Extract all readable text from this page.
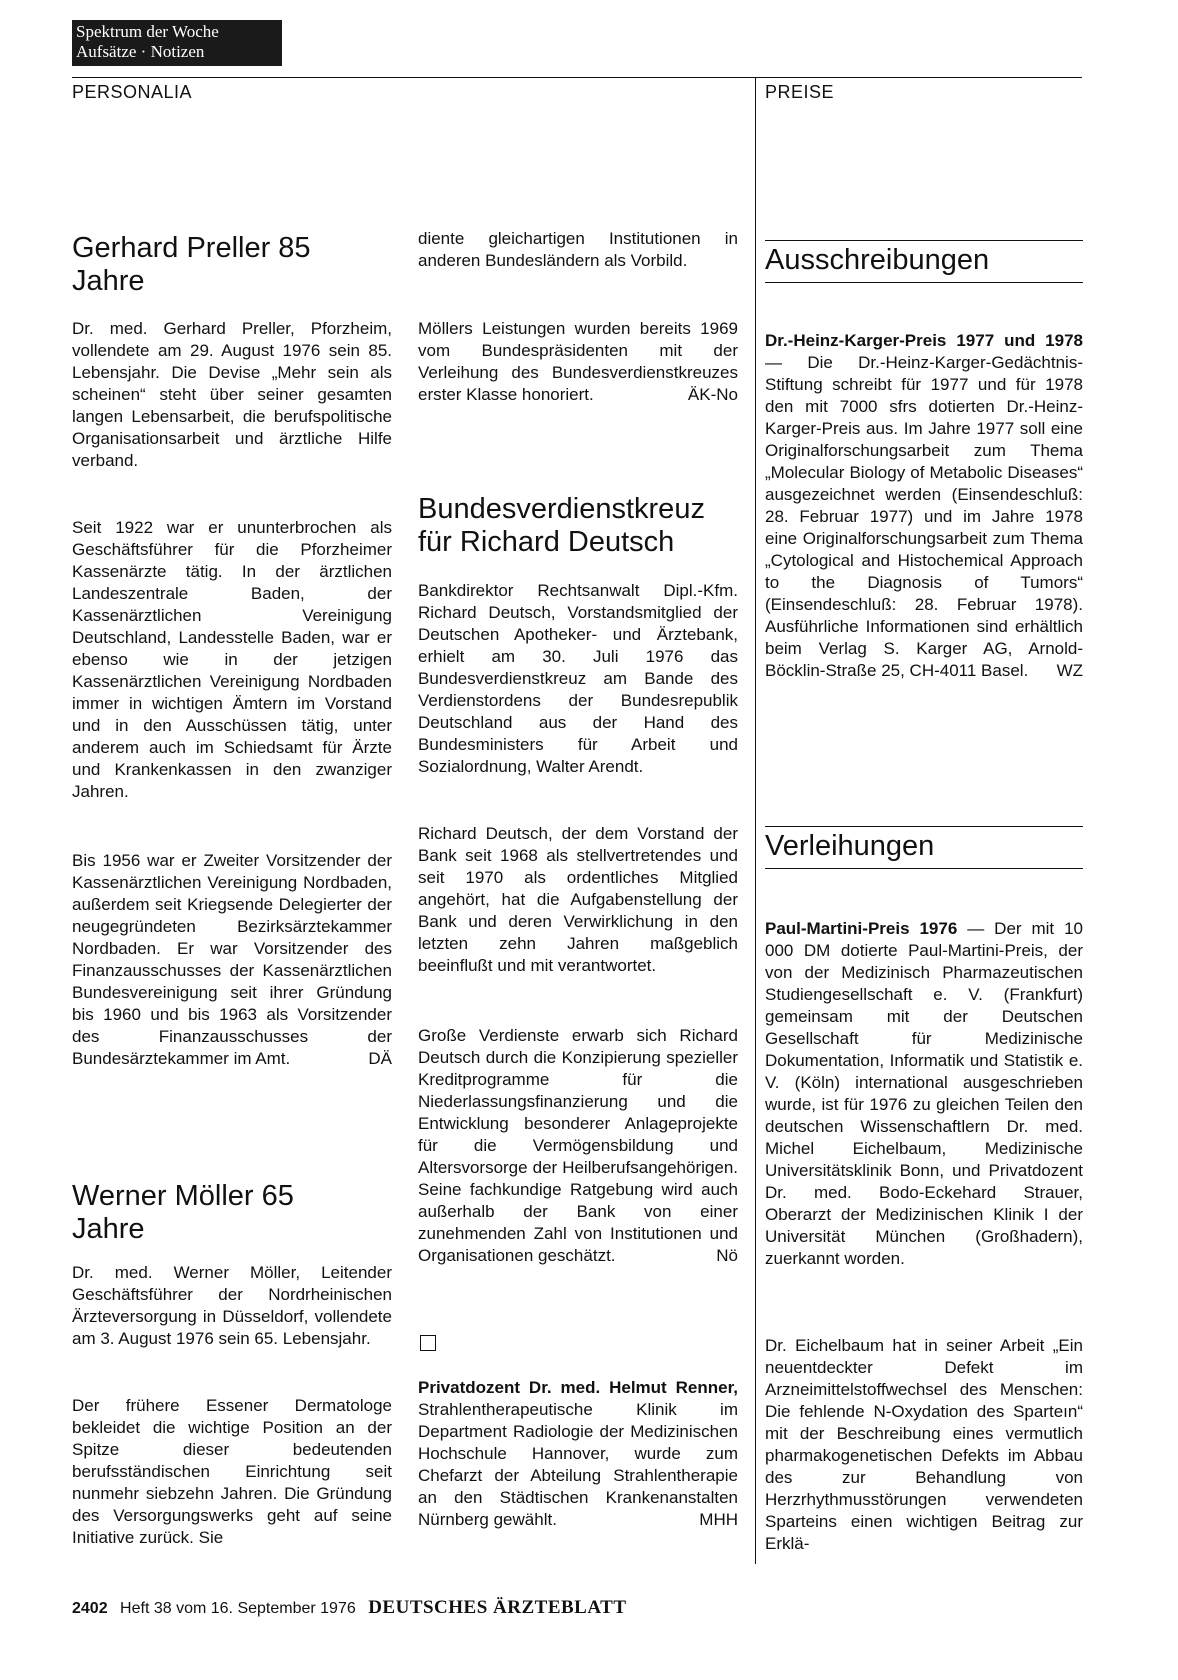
Spektrum der Woche
Aufsätze · Notizen
PERSONALIA	PREISE
Gerhard Preller 85 Jahre

Dr. med. Gerhard Preller, Pforzheim, vollendete am 29. August 1976 sein 85. Lebensjahr. Die Devise „Mehr sein als scheinen“ steht über seiner gesamten langen Lebensarbeit, die berufspolitische Organisationsarbeit und ärztliche Hilfe verband.

Seit 1922 war er ununterbrochen als Geschäftsführer für die Pforzheimer Kassenärzte tätig. In der ärztlichen Landeszentrale Baden, der Kassenärztlichen Vereinigung Deutschland, Landesstelle Baden, war er ebenso wie in der jetzigen Kassenärztlichen Vereinigung Nordbaden immer in wichtigen Ämtern im Vorstand und in den Ausschüssen tätig, unter anderem auch im Schiedsamt für Ärzte und Krankenkassen in den zwanziger Jahren.

Bis 1956 war er Zweiter Vorsitzender der Kassenärztlichen Vereinigung Nordbaden, außerdem seit Kriegsende Delegierter der neugegründeten Bezirksärztekammer Nordbaden. Er war Vorsitzender des Finanzausschusses der Kassenärztlichen Bundesvereinigung seit ihrer Gründung bis 1960 und bis 1963 als Vorsitzender des Finanzausschusses der Bundesärztekammer im Amt.	DÄ

Werner Möller 65 Jahre

Dr. med. Werner Möller, Leitender Geschäftsführer der Nordrheinischen Ärzteversorgung in Düsseldorf, vollendete am 3. August 1976 sein 65. Lebensjahr.

Der frühere Essener Dermatologe bekleidet die wichtige Position an der Spitze dieser bedeutenden berufsständischen Einrichtung seit nunmehr siebzehn Jahren. Die Gründung des Versorgungswerks geht auf seine Initiative zurück. Sie

diente gleichartigen Institutionen in anderen Bundesländern als Vorbild.

Möllers Leistungen wurden bereits 1969 vom Bundespräsidenten mit der Verleihung des Bundesverdienstkreuzes erster Klasse honoriert.	ÄK-No

Bundesverdienstkreuz für Richard Deutsch

Bankdirektor Rechtsanwalt Dipl.-Kfm. Richard Deutsch, Vorstandsmitglied der Deutschen Apotheker- und Ärztebank, erhielt am 30. Juli 1976 das Bundesverdienstkreuz am Bande des Verdienstordens der Bundesrepublik Deutschland aus der Hand des Bundesministers für Arbeit und Sozialordnung, Walter Arendt.

Richard Deutsch, der dem Vorstand der Bank seit 1968 als stellvertretendes und seit 1970 als ordentliches Mitglied angehört, hat die Aufgabenstellung der Bank und deren Verwirklichung in den letzten zehn Jahren maßgeblich beeinflußt und mit verantwortet.

Große Verdienste erwarb sich Richard Deutsch durch die Konzipierung spezieller Kreditprogramme für die Niederlassungsfinanzierung und die Entwicklung besonderer Anlageprojekte für die Vermögensbildung und Altersvorsorge der Heilberufsangehörigen. Seine fachkundige Ratgebung wird auch außerhalb der Bank von einer zunehmenden Zahl von Institutionen und Organisationen geschätzt.	Nö

Privatdozent Dr. med. Helmut Renner, Strahlentherapeutische Klinik im Department Radiologie der Medizinischen Hochschule Hannover, wurde zum Chefarzt der Abteilung Strahlentherapie an den Städtischen Krankenanstalten Nürnberg gewählt.	MHH

Ausschreibungen

Dr.-Heinz-Karger-Preis 1977 und 1978 — Die Dr.-Heinz-Karger-Gedächtnis-Stiftung schreibt für 1977 und für 1978 den mit 7000 sfrs dotierten Dr.-Heinz-Karger-Preis aus. Im Jahre 1977 soll eine Originalforschungsarbeit zum Thema „Molecular Biology of Metabolic Diseases“ ausgezeichnet werden (Einsendeschluß: 28. Februar 1977) und im Jahre 1978 eine Originalforschungsarbeit zum Thema „Cytological and Histochemical Approach to the Diagnosis of Tumors“ (Einsendeschluß: 28. Februar 1978). Ausführliche Informationen sind erhältlich beim Verlag S. Karger AG, Arnold-Böcklin-Straße 25, CH-4011 Basel. WZ

Verleihungen

Paul-Martini-Preis 1976 — Der mit 10 000 DM dotierte Paul-Martini-Preis, der von der Medizinisch Pharmazeutischen Studiengesellschaft e. V. (Frankfurt) gemeinsam mit der Deutschen Gesellschaft für Medizinische Dokumentation, Informatik und Statistik e. V. (Köln) international ausgeschrieben wurde, ist für 1976 zu gleichen Teilen den deutschen Wissenschaftlern Dr. med. Michel Eichelbaum, Medizinische Universitätsklinik Bonn, und Privatdozent Dr. med. Bodo-Eckehard Strauer, Oberarzt der Medizinischen Klinik I der Universität München (Großhadern), zuerkannt worden.

Dr. Eichelbaum hat in seiner Arbeit „Ein neuentdeckter Defekt im Arzneimittelstoffwechsel des Menschen: Die fehlende N-Oxydation des Sparteın“ mit der Beschreibung eines vermutlich pharmakogenetischen Defekts im Abbau des zur Behandlung von Herzrhythmusstörungen verwendeten Sparteins einen wichtigen Beitrag zur Erklä-

2402 Heft 38 vom 16. September 1976 DEUTSCHES ÄRZTEBLATT
